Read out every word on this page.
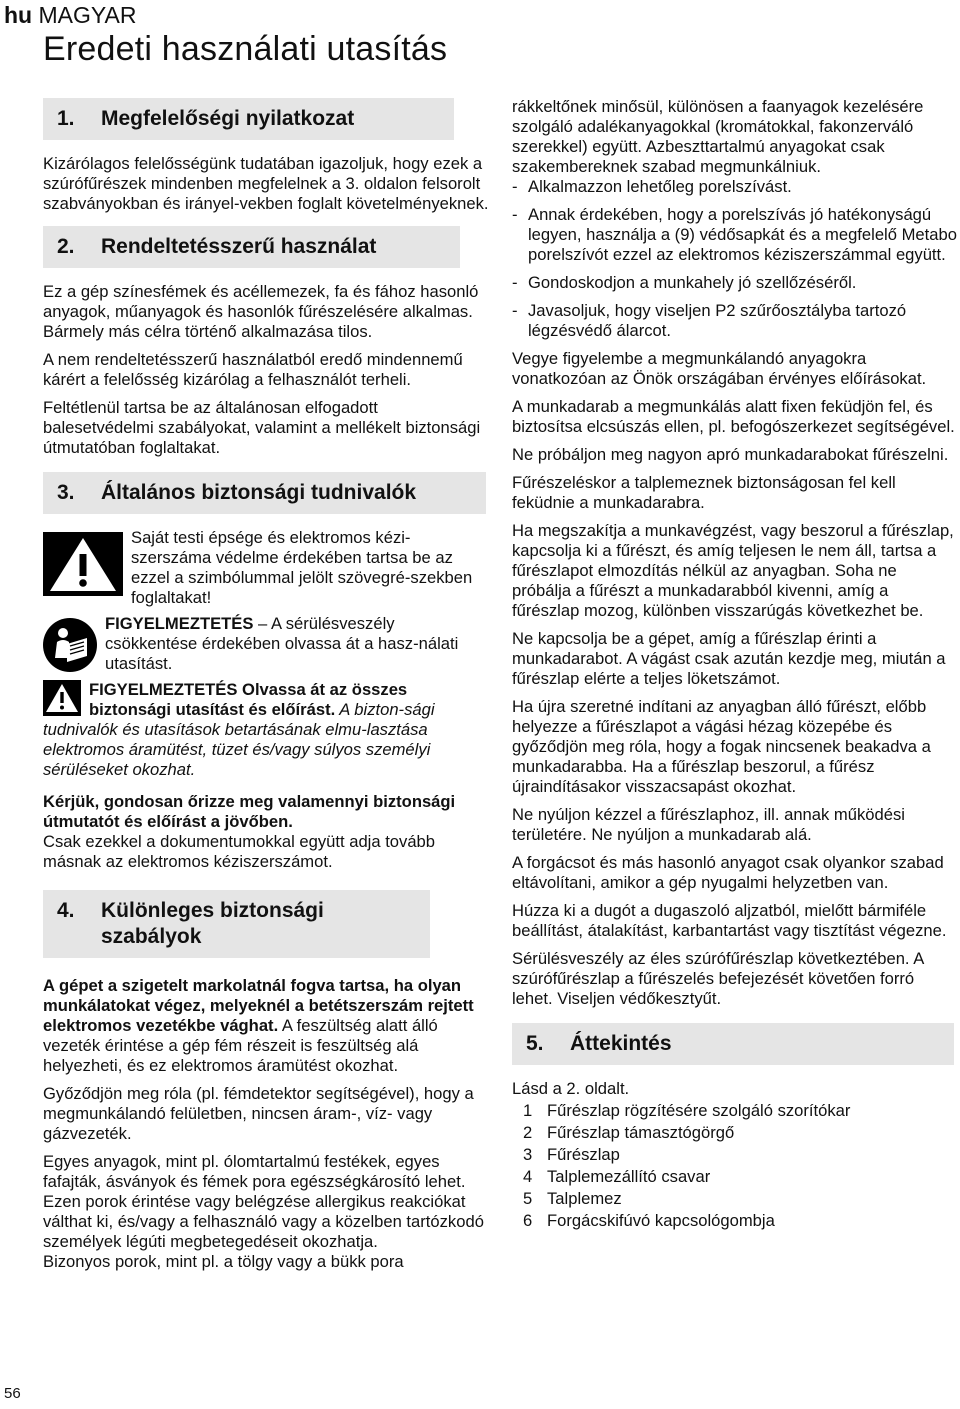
hu MAGYAR
Eredeti használati utasítás
1.	Megfelelőségi nyilatkozat

Kizárólagos felelősségünk tudatában igazoljuk, hogy ezek a szúrófűrészek mindenben megfelelnek a 3. oldalon felsorolt szabványokban és irányel-vekben foglalt követelményeknek.

2.	Rendeltetésszerű használat

Ez a gép színesfémek és acéllemezek, fa és fához hasonló anyagok, műanyagok és hasonlók fűrészelésére alkalmas. Bármely más célra történő alkalmazása tilos.

A nem rendeltetésszerű használatból eredő mindennemű kárért a felelősség kizárólag a felhasználót terheli.

Feltétlenül tartsa be az általánosan elfogadott balesetvédelmi szabályokat, valamint a mellékelt biztonsági útmutatóban foglaltakat.

3.	Általános biztonsági tudnivalók

Saját testi épsége és elektromos kézi-szerszáma védelme érdekében tartsa be az ezzel a szimbólummal jelölt szövegré-szekben foglaltakat!

FIGYELMEZTETÉS – A sérülésveszély csökkentése érdekében olvassa át a hasz-nálati utasítást.

FIGYELMEZTETÉS Olvassa át az összes biztonsági utasítást és előírást. A bizton-sági tudnivalók és utasítások betartásának elmu-lasztása elektromos áramütést, tüzet és/vagy súlyos személyi sérüléseket okozhat.

Kérjük, gondosan őrizze meg valamennyi biztonsági útmutatót és előírást a jövőben.
Csak ezekkel a dokumentumokkal együtt adja tovább másnak az elektromos kéziszerszámot.

4.	Különleges biztonsági szabályok

A gépet a szigetelt markolatnál fogva tartsa, ha olyan munkálatokat végez, melyeknél a betétszerszám rejtett elektromos vezetékbe vághat. A feszültség alatt álló vezeték érintése a gép fém részeit is feszültség alá helyezheti, és ez elektromos áramütést okozhat.

Győződjön meg róla (pl. fémdetektor segítségével), hogy a megmunkálandó felületben, nincsen áram-, víz- vagy gázvezeték.

Egyes anyagok, mint pl. ólomtartalmú festékek, egyes fafajták, ásványok és fémek pora egészségkárosító lehet. Ezen porok érintése vagy belégzése allergikus reakciókat válthat ki, és/vagy a felhasználó vagy a közelben tartózkodó személyek légúti megbetegedéseit okozhatja.

Bizonyos porok, mint pl. a tölgy vagy a bükk pora

rákkeltőnek minősül, különösen a faanyagok kezelésére szolgáló adalékanyagokkal (kromátokkal, fakonzerváló szerekkel) együtt. Azbeszttartalmú anyagokat csak szakembereknek szabad megmunkálniuk.

- Alkalmazzon lehetőleg porelszívást.

- Annak érdekében, hogy a porelszívás jó hatékonyságú legyen, használja a (9) védősapkát és a megfelelő Metabo porelszívót ezzel az elektromos kéziszerszámmal együtt.

- Gondoskodjon a munkahely jó szellőzéséről.

- Javasoljuk, hogy viseljen P2 szűrőosztályba tartozó légzésvédő álarcot.

Vegye figyelembe a megmunkálandó anyagokra vonatkozóan az Önök országában érvényes előírásokat.

A munkadarab a megmunkálás alatt fixen feküdjön fel, és biztosítsa elcsúszás ellen, pl. befogószerkezet segítségével.

Ne próbáljon meg nagyon apró munkadarabokat fűrészelni.

Fűrészeléskor a talplemeznek biztonságosan fel kell feküdnie a munkadarabra.

Ha megszakítja a munkavégzést, vagy beszorul a fűrészlap, kapcsolja ki a fűrészt, és amíg teljesen le nem áll, tartsa a fűrészlapot elmozdítás nélkül az anyagban. Soha ne próbálja a fűrészt a munkadarabból kivenni, amíg a fűrészlap mozog, különben visszarúgás következhet be.

Ne kapcsolja be a gépet, amíg a fűrészlap érinti a munkadarabot. A vágást csak azután kezdje meg, miután a fűrészlap elérte a teljes löketszámot.

Ha újra szeretné indítani az anyagban álló fűrészt, előbb helyezze a fűrészlapot a vágási hézag közepébe és győződjön meg róla, hogy a fogak nincsenek beakadva a munkadarabba. Ha a fűrészlap beszorul, a fűrész újraindításakor visszacsapást okozhat.

Ne nyúljon kézzel a fűrészlaphoz, ill. annak működési területére. Ne nyúljon a munkadarab alá.

A forgácsot és más hasonló anyagot csak olyankor szabad eltávolítani, amikor a gép nyugalmi helyzetben van.

Húzza ki a dugót a dugaszoló aljzatból, mielőtt bármiféle beállítást, átalakítást, karbantartást vagy tisztítást végezne.

Sérülésveszély az éles szúrófűrészlap következtében. A szúrófűrészlap a fűrészelés befejezését követően forró lehet. Viseljen védőkesztyűt.

5.	Áttekintés

Lásd a 2. oldalt.

1 Fűrészlap rögzítésére szolgáló szorítókar
2 Fűrészlap támasztógörgő
3 Fűrészlap
4 Talplemezállító csavar
5 Talplemez
6 Forgácskifúvó kapcsológombja
56
